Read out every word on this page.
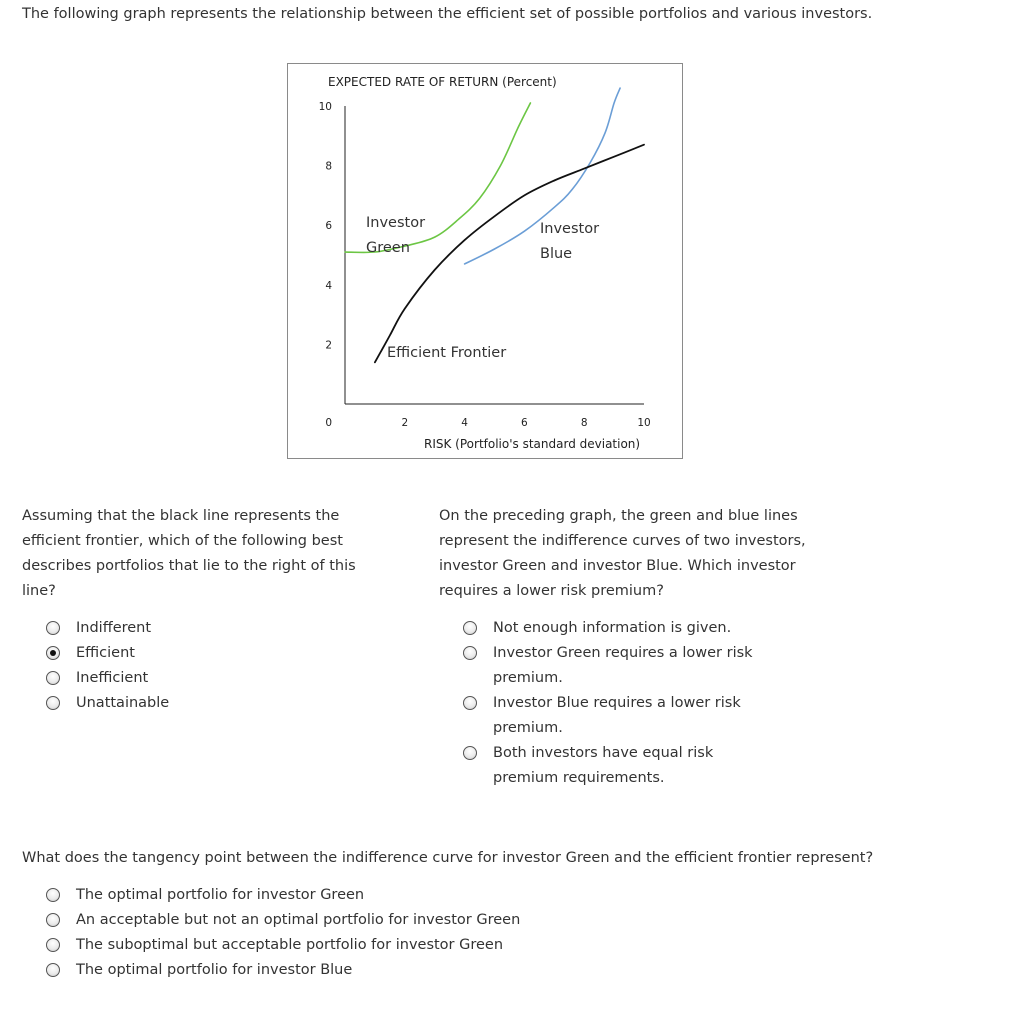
The following graph represents the relationship between the efficient set of possible portfolios and various investors.
EXPECTED RATE OF RETURN (Percent)
RISK (Portfolio's standard deviation)
10
8
6
4
2
0	2	4	6	8	10
Investor
Green
Investor
Blue
Efficient Frontier
Assuming that the black line represents the efficient frontier, which of the following best describes portfolios that lie to the right of this line?
Indifferent
Efficient
Inefficient
Unattainable
On the preceding graph, the green and blue lines represent the indifference curves of two investors, investor Green and investor Blue. Which investor requires a lower risk premium?
Not enough information is given.
Investor Green requires a lower risk premium.
Investor Blue requires a lower risk premium.
Both investors have equal risk premium requirements.
What does the tangency point between the indifference curve for investor Green and the efficient frontier represent?
The optimal portfolio for investor Green
An acceptable but not an optimal portfolio for investor Green
The suboptimal but acceptable portfolio for investor Green
The optimal portfolio for investor Blue
